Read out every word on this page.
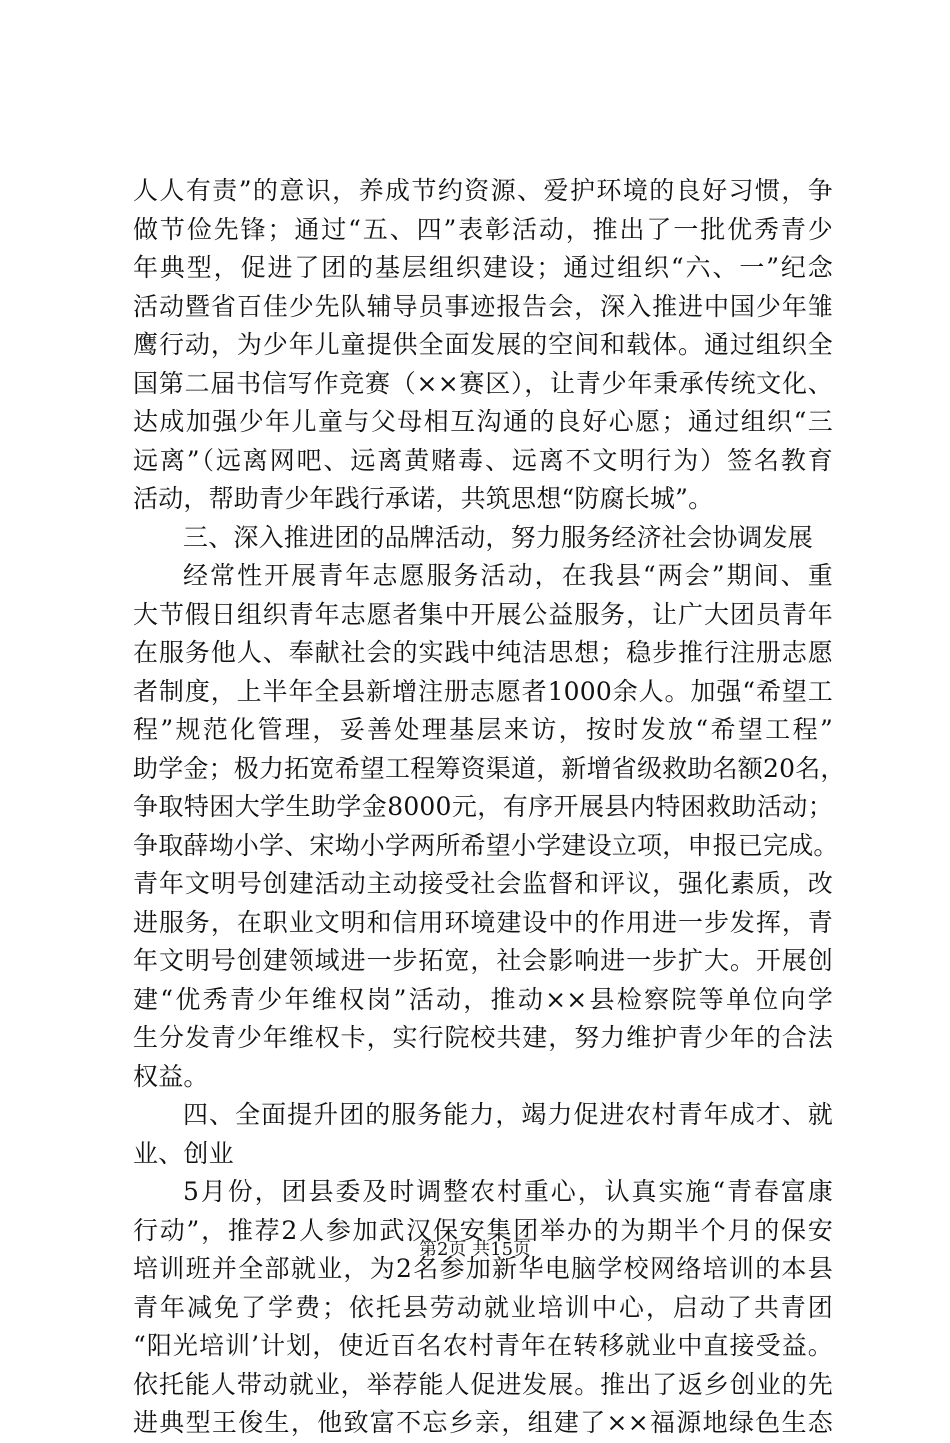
人人有责”的意识，养成节约资源、爱护环境的良好习惯，争
做节俭先锋；通过“五、四”表彰活动，推出了一批优秀青少
年典型，促进了团的基层组织建设；通过组织“六、一”纪念
活动暨省百佳少先队辅导员事迹报告会，深入推进中国少年雏
鹰行动，为少年儿童提供全面发展的空间和载体。通过组织全
国第二届书信写作竞赛（××赛区），让青少年秉承传统文化、
达成加强少年儿童与父母相互沟通的良好心愿；通过组织“三
远离”（远离网吧、远离黄赌毒、远离不文明行为）签名教育
活动，帮助青少年践行承诺，共筑思想“防腐长城”。
三、深入推进团的品牌活动，努力服务经济社会协调发展
经常性开展青年志愿服务活动，在我县“两会”期间、重
大节假日组织青年志愿者集中开展公益服务，让广大团员青年
在服务他人、奉献社会的实践中纯洁思想；稳步推行注册志愿
者制度，上半年全县新增注册志愿者1000余人。加强“希望工
程”规范化管理，妥善处理基层来访，按时发放“希望工程”
助学金；极力拓宽希望工程筹资渠道，新增省级救助名额20名，
争取特困大学生助学金8000元，有序开展县内特困救助活动；
争取薛坳小学、宋坳小学两所希望小学建设立项，申报已完成。
青年文明号创建活动主动接受社会监督和评议，强化素质，改
进服务，在职业文明和信用环境建设中的作用进一步发挥，青
年文明号创建领域进一步拓宽，社会影响进一步扩大。开展创
建“优秀青少年维权岗”活动，推动××县检察院等单位向学
生分发青少年维权卡，实行院校共建，努力维护青少年的合法
权益。
四、全面提升团的服务能力，竭力促进农村青年成才、就
业、创业
5月份，团县委及时调整农村重心，认真实施“青春富康
行动”，推荐2人参加武汉保安集团举办的为期半个月的保安
培训班并全部就业，为2名参加新华电脑学校网络培训的本县
青年减免了学费；依托县劳动就业培训中心，启动了共青团
“阳光培训’计划，使近百名农村青年在转移就业中直接受益。
依托能人带动就业，举荐能人促进发展。推出了返乡创业的先
进典型王俊生，他致富不忘乡亲，组建了××福源地绿色生态
第2页 共15页
